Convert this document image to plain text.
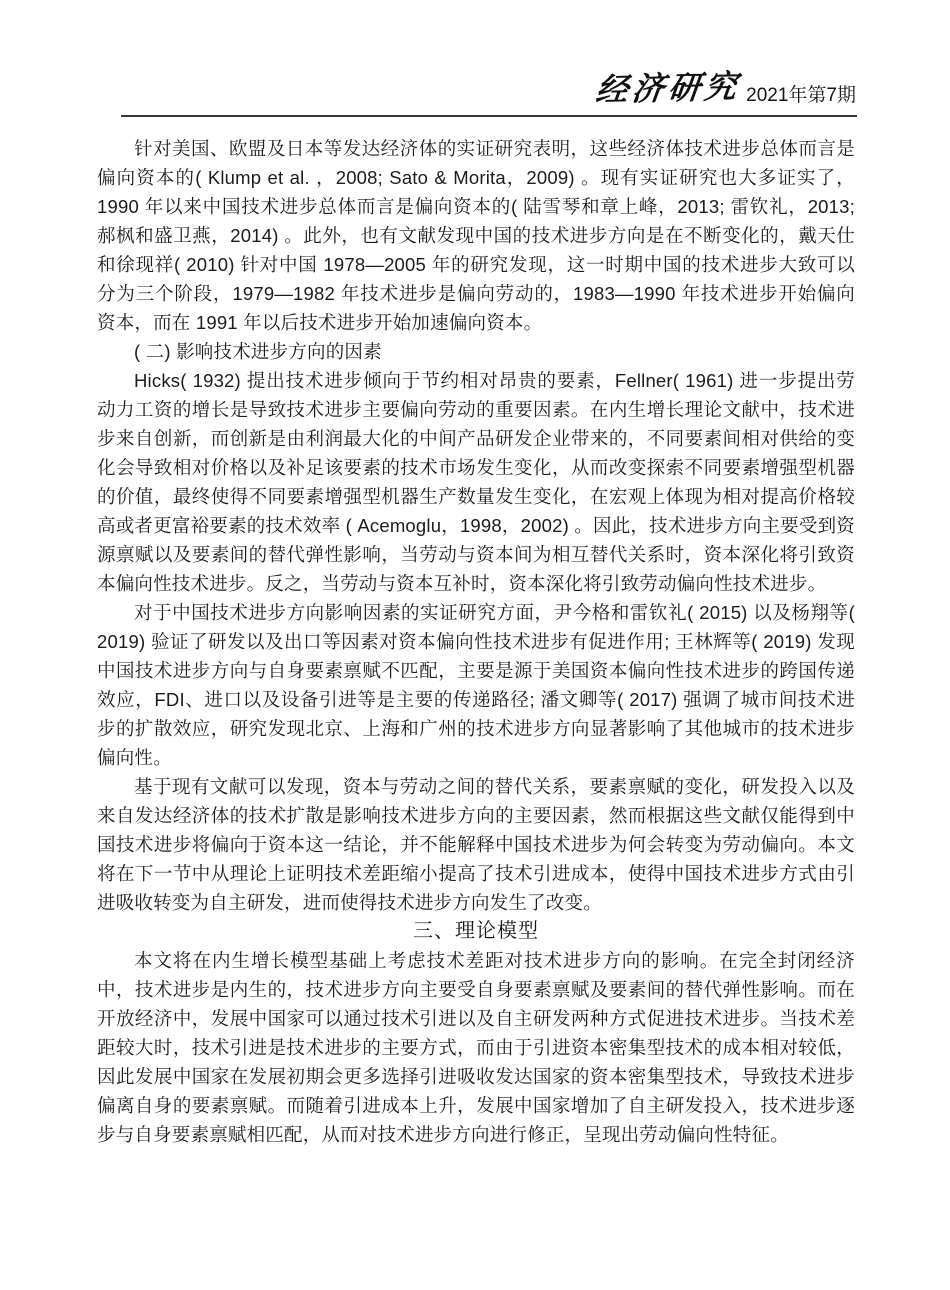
经济研究 2021年第7期

针对美国、欧盟及日本等发达经济体的实证研究表明，这些经济体技术进步总体而言是偏向资本的( Klump et al. ，2008; Sato & Morita，2009) 。现有实证研究也大多证实了，1990 年以来中国技术进步总体而言是偏向资本的( 陆雪琴和章上峰，2013; 雷钦礼，2013; 郝枫和盛卫燕，2014) 。此外，也有文献发现中国的技术进步方向是在不断变化的，戴天仕和徐现祥( 2010) 针对中国 1978—2005 年的研究发现，这一时期中国的技术进步大致可以分为三个阶段，1979—1982 年技术进步是偏向劳动的，1983—1990 年技术进步开始偏向资本，而在 1991 年以后技术进步开始加速偏向资本。

( 二) 影响技术进步方向的因素

Hicks( 1932) 提出技术进步倾向于节约相对昂贵的要素，Fellner( 1961) 进一步提出劳动力工资的增长是导致技术进步主要偏向劳动的重要因素。在内生增长理论文献中，技术进步来自创新，而创新是由利润最大化的中间产品研发企业带来的，不同要素间相对供给的变化会导致相对价格以及补足该要素的技术市场发生变化，从而改变探索不同要素增强型机器的价值，最终使得不同要素增强型机器生产数量发生变化，在宏观上体现为相对提高价格较高或者更富裕要素的技术效率 ( Acemoglu，1998，2002) 。因此，技术进步方向主要受到资源禀赋以及要素间的替代弹性影响，当劳动与资本间为相互替代关系时，资本深化将引致资本偏向性技术进步。反之，当劳动与资本互补时，资本深化将引致劳动偏向性技术进步。

对于中国技术进步方向影响因素的实证研究方面，尹今格和雷钦礼( 2015) 以及杨翔等( 2019) 验证了研发以及出口等因素对资本偏向性技术进步有促进作用; 王林辉等( 2019) 发现中国技术进步方向与自身要素禀赋不匹配，主要是源于美国资本偏向性技术进步的跨国传递效应，FDI、进口以及设备引进等是主要的传递路径; 潘文卿等( 2017) 强调了城市间技术进步的扩散效应，研究发现北京、上海和广州的技术进步方向显著影响了其他城市的技术进步偏向性。

基于现有文献可以发现，资本与劳动之间的替代关系，要素禀赋的变化，研发投入以及来自发达经济体的技术扩散是影响技术进步方向的主要因素，然而根据这些文献仅能得到中国技术进步将偏向于资本这一结论，并不能解释中国技术进步为何会转变为劳动偏向。本文将在下一节中从理论上证明技术差距缩小提高了技术引进成本，使得中国技术进步方式由引进吸收转变为自主研发，进而使得技术进步方向发生了改变。

三、理论模型

本文将在内生增长模型基础上考虑技术差距对技术进步方向的影响。在完全封闭经济中，技术进步是内生的，技术进步方向主要受自身要素禀赋及要素间的替代弹性影响。而在开放经济中，发展中国家可以通过技术引进以及自主研发两种方式促进技术进步。当技术差距较大时，技术引进是技术进步的主要方式，而由于引进资本密集型技术的成本相对较低，因此发展中国家在发展初期会更多选择引进吸收发达国家的资本密集型技术，导致技术进步偏离自身的要素禀赋。而随着引进成本上升，发展中国家增加了自主研发投入，技术进步逐步与自身要素禀赋相匹配，从而对技术进步方向进行修正，呈现出劳动偏向性特征。
